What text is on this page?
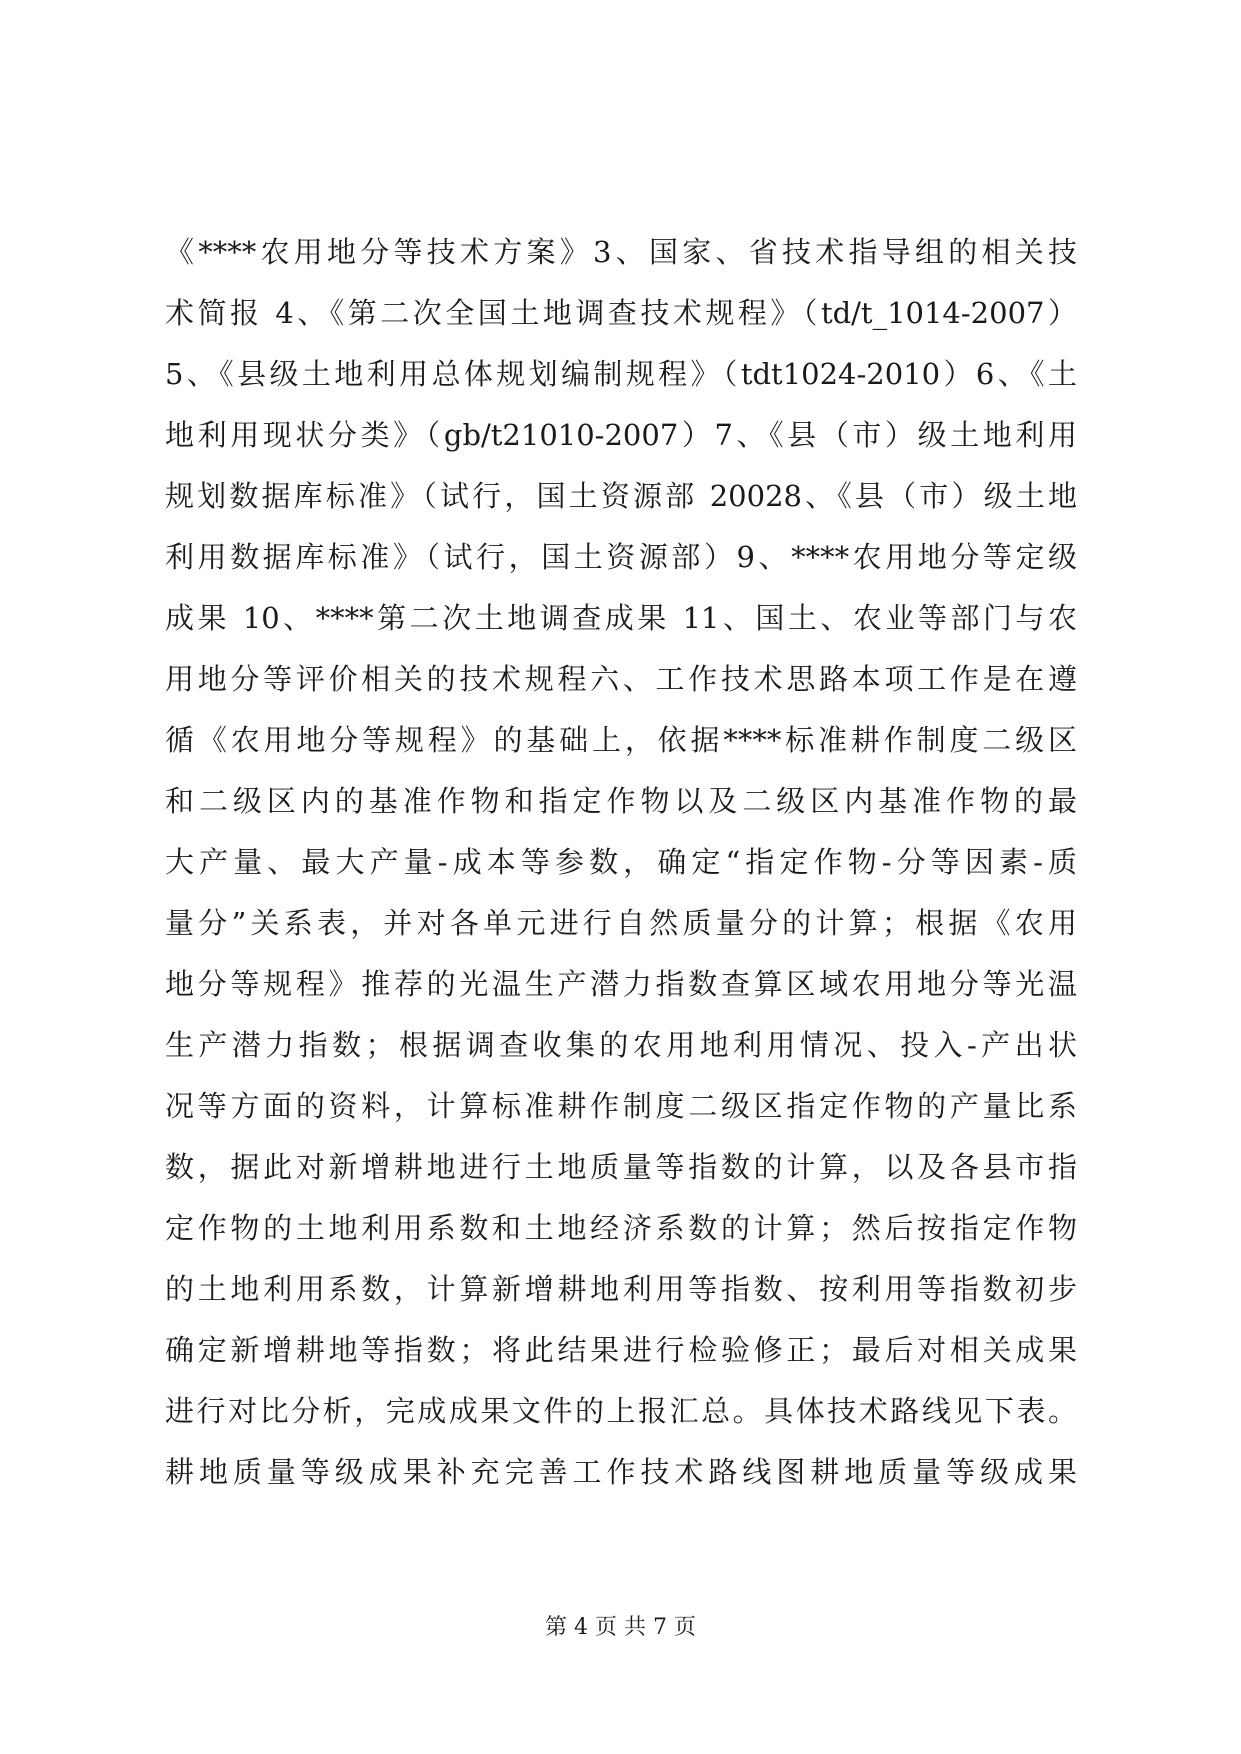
《****农用地分等技术方案》3、国家、省技术指导组的相关技
术简报 4、《第二次全国土地调查技术规程》（td/t_1014-2007）
5、《县级土地利用总体规划编制规程》（tdt1024-2010）6、《土
地利用现状分类》（gb/t21010-2007）7、《县（市）级土地利用
规划数据库标准》（试行，国土资源部 20028、《县（市）级土地
利用数据库标准》（试行，国土资源部）9、****农用地分等定级
成果 10、****第二次土地调查成果 11、国土、农业等部门与农
用地分等评价相关的技术规程六、工作技术思路本项工作是在遵
循《农用地分等规程》的基础上，依据****标准耕作制度二级区
和二级区内的基准作物和指定作物以及二级区内基准作物的最
大产量、最大产量-成本等参数，确定“指定作物-分等因素-质
量分”关系表，并对各单元进行自然质量分的计算；根据《农用
地分等规程》推荐的光温生产潜力指数查算区域农用地分等光温
生产潜力指数；根据调查收集的农用地利用情况、投入-产出状
况等方面的资料，计算标准耕作制度二级区指定作物的产量比系
数，据此对新增耕地进行土地质量等指数的计算，以及各县市指
定作物的土地利用系数和土地经济系数的计算；然后按指定作物
的土地利用系数，计算新增耕地利用等指数、按利用等指数初步
确定新增耕地等指数；将此结果进行检验修正；最后对相关成果
进行对比分析，完成成果文件的上报汇总。具体技术路线见下表。
耕地质量等级成果补充完善工作技术路线图耕地质量等级成果
第 4 页 共 7 页
